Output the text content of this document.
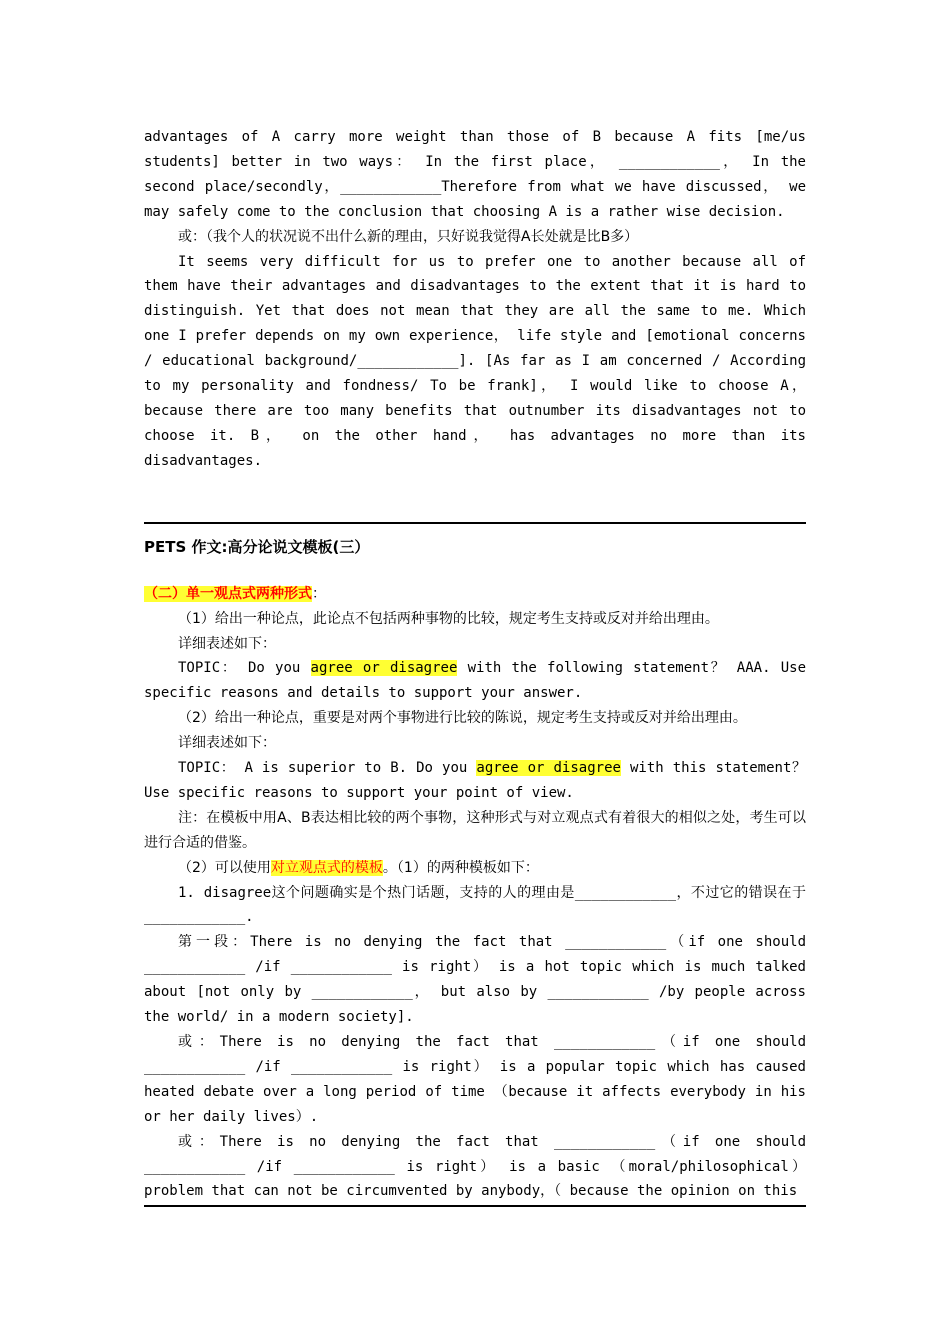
advantages of A carry more weight than those of B because A fits [me/us students] better in two ways： In the first place， ____________， In the second place/secondly，____________Therefore from what we have discussed， we may safely come to the conclusion that choosing A is a rather wise decision.

或：（我个人的状况说不出什么新的理由，只好说我觉得A长处就是比B多）

It seems very difficult for us to prefer one to another because all of them have their advantages and disadvantages to the extent that it is hard to distinguish. Yet that does not mean that they are all the same to me. Which one I prefer depends on my own experience， life style and [emotional concerns / educational background/____________]. [As far as I am concerned / According to my personality and fondness/ To be frank]， I would like to choose A， because there are too many benefits that outnumber its disadvantages not to choose it. B， on the other hand， has advantages no more than its disadvantages.

PETS 作文:高分论说文模板(三）

（二）单一观点式两种形式：

（1）给出一种论点，此论点不包括两种事物的比较，规定考生支持或反对并给出理由。

详细表述如下：

TOPIC： Do you agree or disagree with the following statement？ AAA. Use specific reasons and details to support your answer.

（2）给出一种论点，重要是对两个事物进行比较的陈说，规定考生支持或反对并给出理由。

详细表述如下：

TOPIC： A is superior to B. Do you agree or disagree with this statement？ Use specific reasons to support your point of view.

注：在模板中用A、B表达相比较的两个事物，这种形式与对立观点式有着很大的相似之处，考生可以进行合适的借鉴。

（2）可以使用对立观点式的模板。（1）的两种模板如下：

1. disagree这个问题确实是个热门话题，支持的人的理由是____________，不过它的错误在于____________.

第一段：There is no denying the fact that ____________（if one should ____________ /if ____________ is right） is a hot topic which is much talked about [not only by ____________， but also by ____________ /by people across the world/ in a modern society].

或：There is no denying the fact that ____________（if one should ____________ /if ____________ is right） is a popular topic which has caused heated debate over a long period of time （because it affects everybody in his or her daily lives）.

或：There is no denying the fact that ____________（if one should ____________ /if ____________ is right） is a basic （moral/philosophical） problem that can not be circumvented by anybody，（ because the opinion on this
